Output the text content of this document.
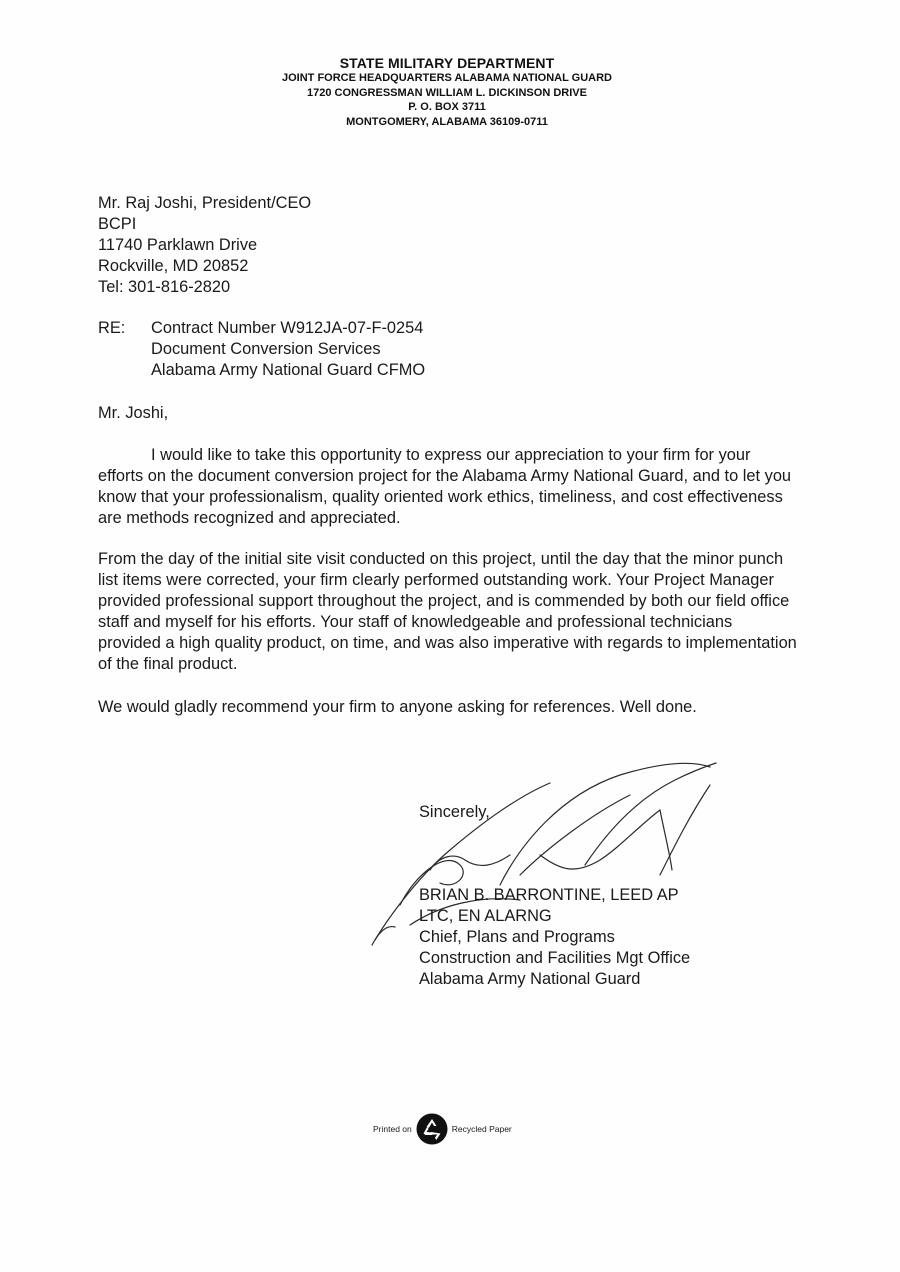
STATE MILITARY DEPARTMENT
JOINT FORCE HEADQUARTERS ALABAMA NATIONAL GUARD
1720 CONGRESSMAN WILLIAM L. DICKINSON DRIVE
P. O. BOX 3711
MONTGOMERY, ALABAMA 36109-0711
Mr. Raj Joshi, President/CEO
BCPI
11740 Parklawn Drive
Rockville, MD 20852
Tel: 301-816-2820
RE: Contract Number W912JA-07-F-0254
Document Conversion Services
Alabama Army National Guard CFMO
Mr. Joshi,

I would like to take this opportunity to express our appreciation to your firm for your efforts on the document conversion project for the Alabama Army National Guard, and to let you know that your professionalism, quality oriented work ethics, timeliness, and cost effectiveness are methods recognized and appreciated.

From the day of the initial site visit conducted on this project, until the day that the minor punch list items were corrected, your firm clearly performed outstanding work. Your Project Manager provided professional support throughout the project, and is commended by both our field office staff and myself for his efforts. Your staff of knowledgeable and professional technicians provided a high quality product, on time, and was also imperative with regards to implementation of the final product.

We would gladly recommend your firm to anyone asking for references. Well done.

Sincerely,
BRIAN B. BARRONTINE, LEED AP
LTC, EN ALARNG
Chief, Plans and Programs
Construction and Facilities Mgt Office
Alabama Army National Guard
Printed on	Recycled Paper
